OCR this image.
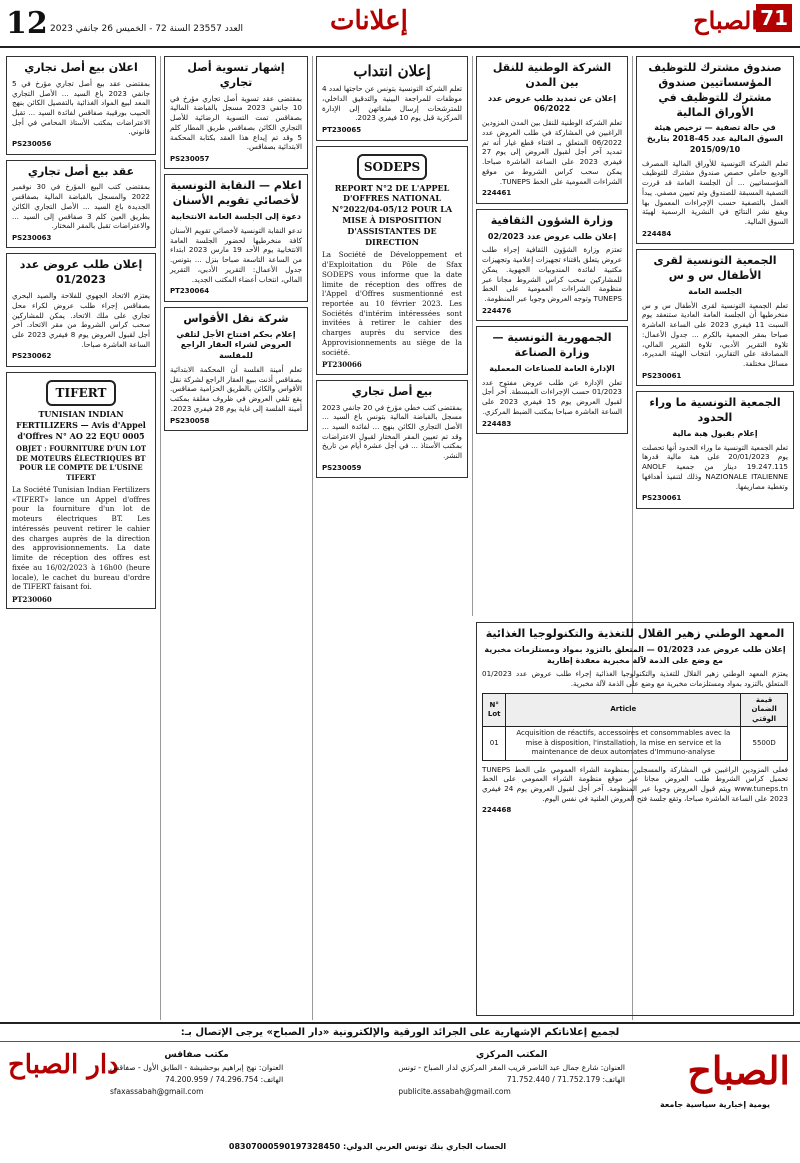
12 العدد 23557 السنة 72 - الخميس 26 جانفي 2023	إعلانات	71
الصباح
صندوق مشترك للتوظيف المؤسساتيين صندوق مشترك للتوظيف في الأوراق المالية
في حالة تصفية — ترخيص هيئة السوق المالية عدد 45-2018 بتاريخ 2015/09/10
تعلم الشركة التونسية للأوراق المالية المصرف الوديع حاملي حصص صندوق مشترك للتوظيف المؤسساتيين ... أن الجلسة العامة قد قررت التصفية المسبقة للصندوق وتم تعيين مصفي. يبدأ العمل بالتصفية حسب الإجراءات المعمول بها ويقع نشر النتائج في النشرية الرسمية لهيئة السوق المالية.
224484
الجمعية التونسية لقرى الأطفال س و س
الجلسة العامة
تعلم الجمعية التونسية لقرى الأطفال س و س منخرطيها أن الجلسة العامة العادية ستنعقد يوم السبت 11 فيفري 2023 على الساعة العاشرة صباحا بمقر الجمعية بالكرم ... جدول الأعمال: تلاوة التقرير الأدبي، تلاوة التقرير المالي، المصادقة على التقارير، انتخاب الهيئة المديرة، مسائل مختلفة.
PS230061
الجمعية التونسية ما وراء الحدود
إعلام بقبول هبة مالية
تعلم الجمعية التونسية ما وراء الحدود أنها تحصلت يوم 20/01/2023 على هبة مالية قدرها 19.247.115 دينار من جمعية ANOLF NAZIONALE ITALIENNE وذلك لتنفيذ أهدافها وتغطية مصاريفها.
PS230061
الشركة الوطنية للنقل بين المدن
إعلان عن تمديد طلب عروض عدد 06/2022
تعلم الشركة الوطنية للنقل بين المدن المزودين الراغبين في المشاركة في طلب العروض عدد 06/2022 المتعلق بـ اقتناء قطع غيار أنه تم تمديد آخر أجل لقبول العروض إلى يوم 27 فيفري 2023 على الساعة العاشرة صباحا. يمكن سحب كراس الشروط من موقع الشراءات العمومية على الخط TUNEPS.
224461
وزارة الشؤون الثقافية
إعلان طلب عروض عدد 02/2023
تعتزم وزارة الشؤون الثقافية إجراء طلب عروض يتعلق باقتناء تجهيزات إعلامية وتجهيزات مكتبية لفائدة المندوبيات الجهوية. يمكن للمشاركين سحب كراس الشروط مجانا عبر منظومة الشراءات العمومية على الخط TUNEPS وتوجه العروض وجوبا عبر المنظومة.
224476
الجمهورية التونسية — وزارة الصناعة
الإدارة العامة للصناعات المعملية
تعلن الإدارة عن طلب عروض مفتوح عدد 01/2023 حسب الإجراءات المبسطة. آخر أجل لقبول العروض يوم 15 فيفري 2023 على الساعة العاشرة صباحا بمكتب الضبط المركزي.
224483
إعلان انتداب
تعلم الشركة التونسية بتونس عن حاجتها لعدد 4 موظفات للمراجعة البينية والتدقيق الداخلي، للمترشحات إرسال ملفاتهن إلى الإدارة المركزية قبل يوم 10 فيفري 2023.
PT230065
SODEPS
REPORT N°2 DE L'APPEL D'OFFRES NATIONAL N°2022/04-05/12 POUR LA MISE À DISPOSITION D'ASSISTANTES DE DIRECTION
La Société de Développement et d'Exploitation du Pôle de Sfax SODEPS vous informe que la date limite de réception des offres de l'Appel d'Offres susmentionné est reportée au 10 février 2023. Les Sociétés d'intérim intéressées sont invitées à retirer le cahier des charges auprès du service des Approvisionnements au siège de la société.
PT230066
بيع أصل تجاري
بمقتضى كتب خطي مؤرخ في 20 جانفي 2023 مسجل بالقباضة المالية بتونس باع السيد ... الأصل التجاري الكائن بنهج ... لفائدة السيد ... وقد تم تعيين المقر المختار لقبول الاعتراضات بمكتب الأستاذ ... في أجل عشرة أيام من تاريخ النشر.
PS230059
إشهار تسوية أصل تجاري
بمقتضى عقد تسوية أصل تجاري مؤرخ في 10 جانفي 2023 مسجل بالقباضة المالية بصفاقس تمت التسوية الرضائية للأصل التجاري الكائن بصفاقس طريق المطار كلم 5 وقد تم إيداع هذا العقد بكتابة المحكمة الابتدائية بصفاقس.
PS230057
اعلام — النقابة التونسية لأخصائي تقويم الأسنان
دعوة إلى الجلسة العامة الانتخابية
تدعو النقابة التونسية لأخصائي تقويم الأسنان كافة منخرطيها لحضور الجلسة العامة الانتخابية يوم الأحد 19 مارس 2023 ابتداء من الساعة التاسعة صباحا بنزل ... بتونس. جدول الأعمال: التقرير الأدبي، التقرير المالي، انتخاب أعضاء المكتب الجديد.
PT230064
شركة نقل الأقواس
إعلام بحكم افتتاح الأجل لتلقي العروض لشراء العقار الراجع للمفلسة
تعلم أمينة الفلسة أن المحكمة الابتدائية بصفاقس أذنت ببيع العقار الراجع لشركة نقل الأقواس والكائن بالطريق الحزامية صفاقس. يقع تلقي العروض في ظروف مغلقة بمكتب أمينة الفلسة إلى غاية يوم 28 فيفري 2023.
PS230058
اعلان بيع أصل تجاري
بمقتضى عقد بيع أصل تجاري مؤرخ في 5 جانفي 2023 باع السيد ... الأصل التجاري المعد لبيع المواد الغذائية بالتفصيل الكائن بنهج الحبيب بورقيبة صفاقس لفائدة السيد ... تقبل الاعتراضات بمكتب الأستاذ المحامي في أجل قانوني.
PS230056
عقد بيع أصل تجاري
بمقتضى كتب البيع المؤرخ في 30 نوفمبر 2022 والمسجل بالقباضة المالية بصفاقس الجديدة باع السيد ... الأصل التجاري الكائن بطريق العين كلم 3 صفاقس إلى السيد ... والاعتراضات تقبل بالمقر المختار.
PS230063
إعلان طلب عروض عدد 01/2023
يعتزم الاتحاد الجهوي للفلاحة والصيد البحري بصفاقس إجراء طلب عروض لكراء محل تجاري على ملك الاتحاد. يمكن للمشاركين سحب كراس الشروط من مقر الاتحاد. آخر أجل لقبول العروض يوم 8 فيفري 2023 على الساعة العاشرة صباحا.
PS230062
TIFERT
TUNISIAN INDIAN FERTILIZERS — Avis d'Appel d'Offres N° AO 22 EQU 0005
OBJET : FOURNITURE D'UN LOT DE MOTEURS ÉLECTRIQUES BT POUR LE COMPTE DE L'USINE TIFERT
La Société Tunisian Indian Fertilizers «TIFERT» lance un Appel d'offres pour la fourniture d'un lot de moteurs électriques BT. Les intéressés peuvent retirer le cahier des charges auprès de la direction des approvisionnements. La date limite de réception des offres est fixée au 16/02/2023 à 16h00 (heure locale), le cachet du bureau d'ordre de TIFERT faisant foi.
PT230060
المعهد الوطني زهير القلال للتغذية والتكنولوجيا الغذائية
إعلان طلب عروض عدد 01/2023 — المتعلق بالتزود بمواد ومستلزمات مخبرية مع وضع على الذمة لآلة مخبرية معقدة إطارية
يعتزم المعهد الوطني زهير القلال للتغذية والتكنولوجيا الغذائية إجراء طلب عروض عدد 01/2023 المتعلق بالتزود بمواد ومستلزمات مخبرية مع وضع على الذمة لآلة مخبرية.
N° Lot	Article	قيمة الضمان الوقتي
01	Acquisition de réactifs, accessoires et consommables avec la mise à disposition, l'installation, la mise en service et la maintenance de deux automates d'Immuno-analyse	5500D
فعلى المزودين الراغبين في المشاركة والمسجلين بمنظومة الشراء العمومي على الخط TUNEPS تحميل كراس الشروط طلب العروض مجانا عبر موقع منظومة الشراء العمومي على الخط www.tuneps.tn ويتم قبول العروض وجوبا عبر المنظومة. آخر أجل لقبول العروض يوم 24 فيفري 2023 على الساعة العاشرة صباحا، وتقع جلسة فتح العروض العلنية في نفس اليوم.
224468
لجميع إعلاناتكم الإشهارية على الجرائد الورقية والإلكترونية «دار الصباح» يرجى الإتصال بـ:
الصباح
يومية إخبارية سياسية جامعة
دار الصباح	المكتب المركزي
العنوان: شارع جمال عبد الناصر قريب المقر المركزي لدار الصباح - تونس
الهاتف: 71.752.179 / 71.752.440
publicite.assabah@gmail.com
مكتب صفاقس
العنوان: نهج إبراهيم بوحشيشة - الطابق الأول - صفاقس
الهاتف: 74.296.754 / 74.200.959
sfaxassabah@gmail.com
الحساب الجاري بنك تونس العربي الدولي: 08307000590197328450
